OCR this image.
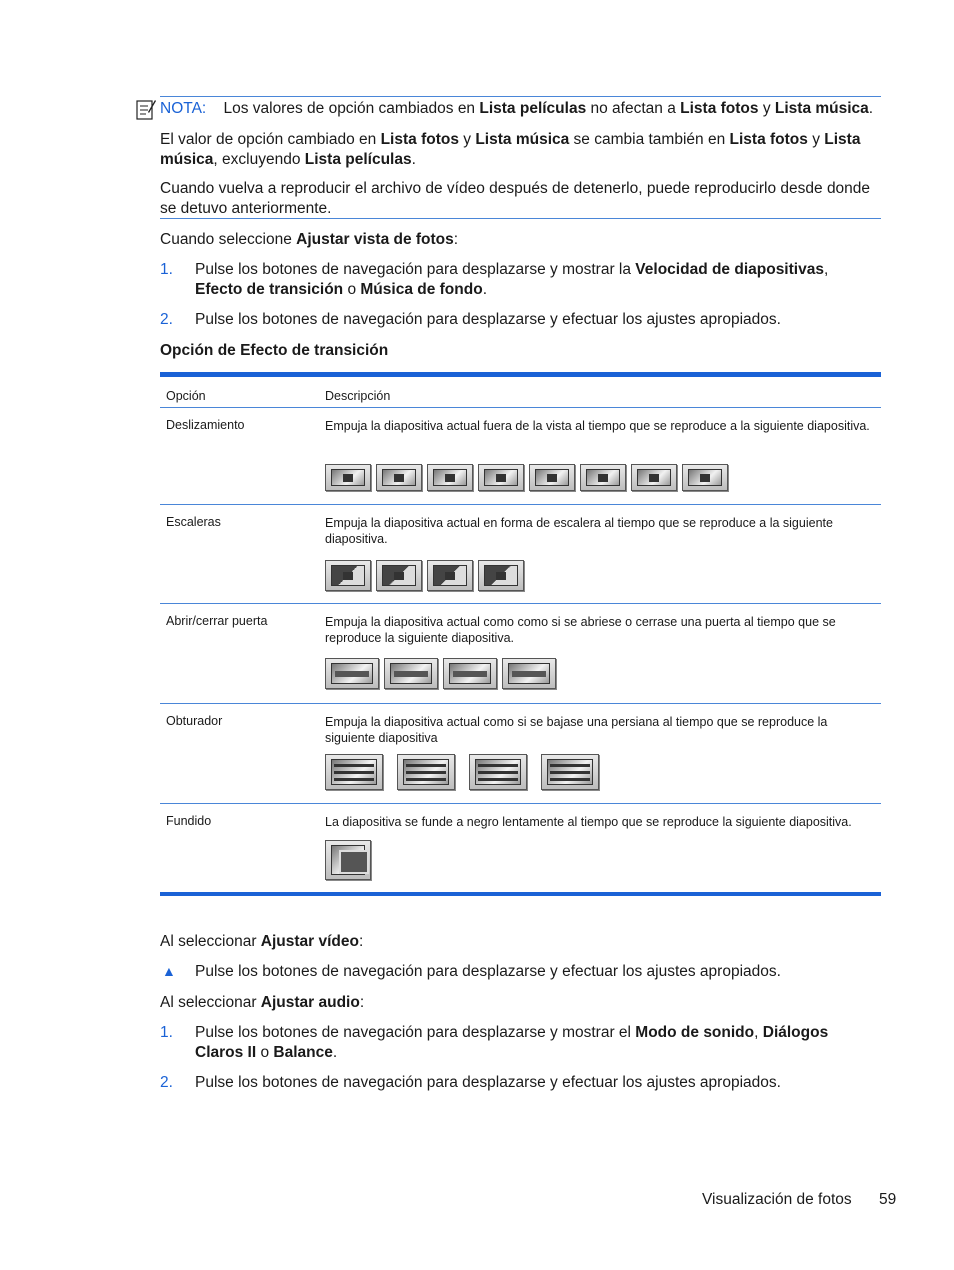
NOTA: Los valores de opción cambiados en Lista películas no afectan a Lista fotos y Lista música.
El valor de opción cambiado en Lista fotos y Lista música se cambia también en Lista fotos y Lista música, excluyendo Lista películas.
Cuando vuelva a reproducir el archivo de vídeo después de detenerlo, puede reproducirlo desde donde se detuvo anteriormente.
Cuando seleccione Ajustar vista de fotos:
1. Pulse los botones de navegación para desplazarse y mostrar la Velocidad de diapositivas, Efecto de transición o Música de fondo.
2. Pulse los botones de navegación para desplazarse y efectuar los ajustes apropiados.
Opción de Efecto de transición
Opción	Descripción
Deslizamiento	Empuja la diapositiva actual fuera de la vista al tiempo que se reproduce a la siguiente diapositiva.
Escaleras	Empuja la diapositiva actual en forma de escalera al tiempo que se reproduce a la siguiente diapositiva.
Abrir/cerrar puerta	Empuja la diapositiva actual como como si se abriese o cerrase una puerta al tiempo que se reproduce la siguiente diapositiva.
Obturador	Empuja la diapositiva actual como si se bajase una persiana al tiempo que se reproduce la siguiente diapositiva
Fundido	La diapositiva se funde a negro lentamente al tiempo que se reproduce la siguiente diapositiva.
Al seleccionar Ajustar vídeo:
▲ Pulse los botones de navegación para desplazarse y efectuar los ajustes apropiados.
Al seleccionar Ajustar audio:
1. Pulse los botones de navegación para desplazarse y mostrar el Modo de sonido, Diálogos Claros II o Balance.
2. Pulse los botones de navegación para desplazarse y efectuar los ajustes apropiados.
Visualización de fotos 59
